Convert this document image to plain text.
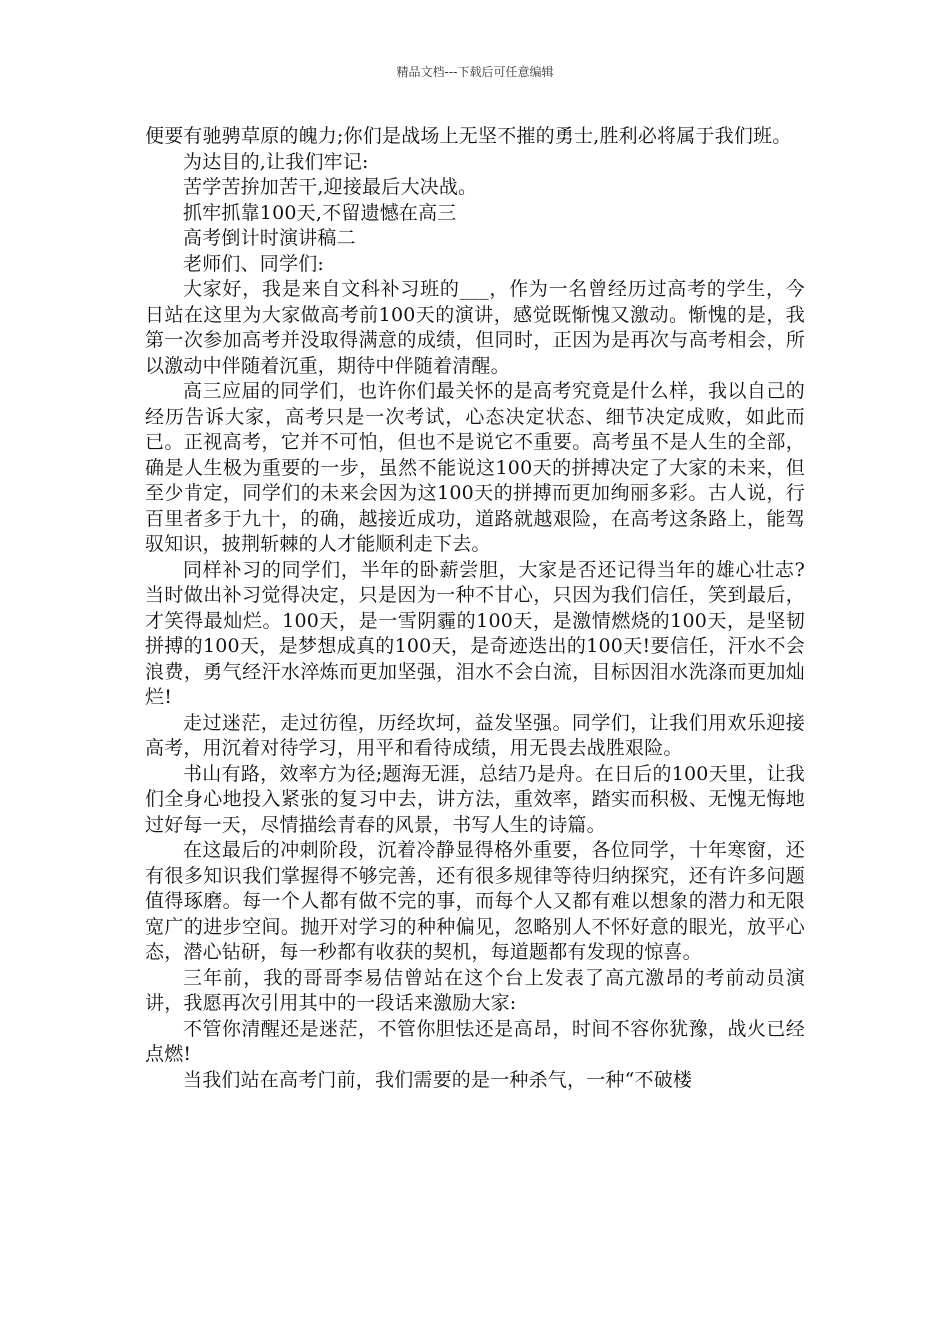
精品文档---下载后可任意编辑

便要有驰骋草原的魄力;你们是战场上无坚不摧的勇士,胜利必将属于我们班。

为达目的,让我们牢记:

苦学苦拚加苦干,迎接最后大决战。

抓牢抓靠100天,不留遗憾在高三

高考倒计时演讲稿二

老师们、同学们:

大家好，我是来自文科补习班的___，作为一名曾经历过高考的学生，今日站在这里为大家做高考前100天的演讲，感觉既惭愧又激动。惭愧的是，我第一次参加高考并没取得满意的成绩，但同时，正因为是再次与高考相会，所以激动中伴随着沉重，期待中伴随着清醒。

高三应届的同学们，也许你们最关怀的是高考究竟是什么样，我以自己的经历告诉大家，高考只是一次考试，心态决定状态、细节决定成败，如此而已。正视高考，它并不可怕，但也不是说它不重要。高考虽不是人生的全部，确是人生极为重要的一步，虽然不能说这100天的拼搏决定了大家的未来，但至少肯定，同学们的未来会因为这100天的拼搏而更加绚丽多彩。古人说，行百里者多于九十，的确，越接近成功，道路就越艰险，在高考这条路上，能驾驭知识，披荆斩棘的人才能顺利走下去。

同样补习的同学们，半年的卧薪尝胆，大家是否还记得当年的雄心壮志?当时做出补习觉得决定，只是因为一种不甘心，只因为我们信任，笑到最后，才笑得最灿烂。100天，是一雪阴霾的100天，是激情燃烧的100天，是坚韧拼搏的100天，是梦想成真的100天，是奇迹迭出的100天!要信任，汗水不会浪费，勇气经汗水淬炼而更加坚强，泪水不会白流，目标因泪水洗涤而更加灿烂!

走过迷茫，走过彷徨，历经坎坷，益发坚强。同学们，让我们用欢乐迎接高考，用沉着对待学习，用平和看待成绩，用无畏去战胜艰险。

书山有路，效率方为径;题海无涯，总结乃是舟。在日后的100天里，让我们全身心地投入紧张的复习中去，讲方法，重效率，踏实而积极、无愧无悔地过好每一天，尽情描绘青春的风景，书写人生的诗篇。

在这最后的冲刺阶段，沉着冷静显得格外重要，各位同学，十年寒窗，还有很多知识我们掌握得不够完善，还有很多规律等待归纳探究，还有许多问题值得琢磨。每一个人都有做不完的事，而每个人又都有难以想象的潜力和无限宽广的进步空间。抛开对学习的种种偏见，忽略别人不怀好意的眼光，放平心态，潜心钻研，每一秒都有收获的契机，每道题都有发现的惊喜。

三年前，我的哥哥李易佶曾站在这个台上发表了高亢激昂的考前动员演讲，我愿再次引用其中的一段话来激励大家:

不管你清醒还是迷茫，不管你胆怯还是高昂，时间不容你犹豫，战火已经点燃!

当我们站在高考门前，我们需要的是一种杀气，一种“不破楼
